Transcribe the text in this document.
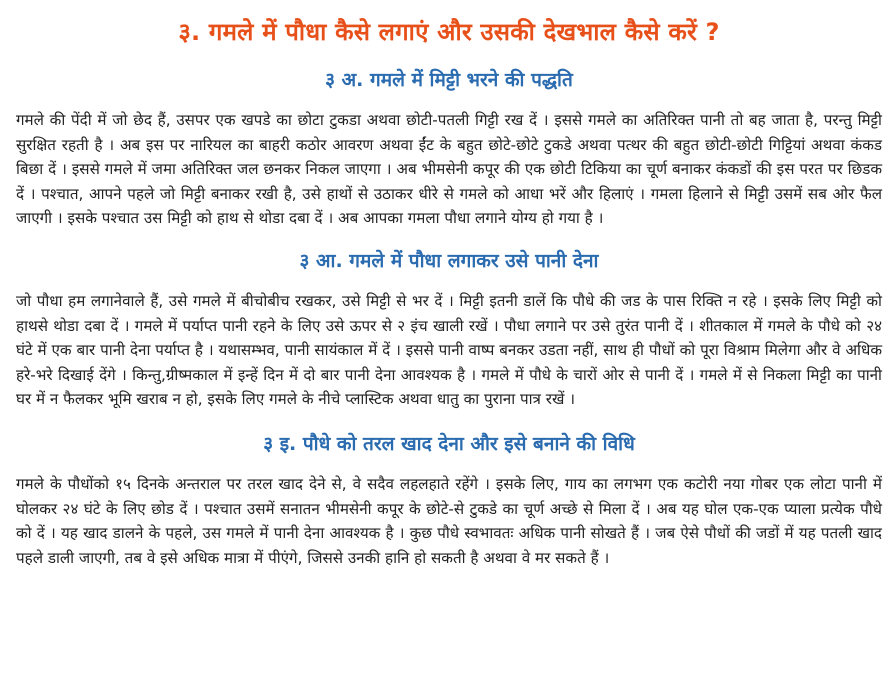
३. गमले में पौधा कैसे लगाएं और उसकी देखभाल कैसे करें ?
३ अ. गमले में मिट्टी भरने की पद्धति

गमले की पेंदी में जो छेद हैं, उसपर एक खपडे का छोटा टुकडा अथवा छोटी-पतली गिट्टी रख दें । इससे गमले का अतिरिक्त पानी तो बह जाता है, परन्तु मिट्टी सुरक्षित रहती है । अब इस पर नारियल का बाहरी कठोर आवरण अथवा ईंट के बहुत छोटे-छोटे टुकडे अथवा पत्थर की बहुत छोटी-छोटी गिट्टियां अथवा कंकड बिछा दें । इससे गमले में जमा अतिरिक्त जल छनकर निकल जाएगा । अब भीमसेनी कपूर की एक छोटी टिकिया का चूर्ण बनाकर कंकडों की इस परत पर छिडक दें । पश्चात, आपने पहले जो मिट्टी बनाकर रखी है, उसे हाथों से उठाकर धीरे से गमले को आधा भरें और हिलाएं । गमला हिलाने से मिट्टी उसमें सब ओर फैल जाएगी । इसके पश्चात उस मिट्टी को हाथ से थोडा दबा दें । अब आपका गमला पौधा लगाने योग्य हो गया है ।

३ आ. गमले में पौधा लगाकर उसे पानी देना

जो पौधा हम लगानेवाले हैं, उसे गमले में बीचोबीच रखकर, उसे मिट्टी से भर दें । मिट्टी इतनी डालें कि पौधे की जड के पास रिक्ति न रहे । इसके लिए मिट्टी को हाथसे थोडा दबा दें । गमले में पर्याप्त पानी रहने के लिए उसे ऊपर से २ इंच खाली रखें । पौधा लगाने पर उसे तुरंत पानी दें । शीतकाल में गमले के पौधे को २४ घंटे में एक बार पानी देना पर्याप्त है । यथासम्भव, पानी सायंकाल में दें । इससे पानी वाष्प बनकर उडता नहीं, साथ ही पौधों को पूरा विश्राम मिलेगा और वे अधिक हरे-भरे दिखाई देंगे । किन्तु,ग्रीष्मकाल में इन्हें दिन में दो बार पानी देना आवश्यक है । गमले में पौधे के चारों ओर से पानी दें । गमले में से निकला मिट्टी का पानी घर में न फैलकर भूमि खराब न हो, इसके लिए गमले के नीचे प्लास्टिक अथवा धातु का पुराना पात्र रखें ।

३ इ. पौधे को तरल खाद देना और इसे बनाने की विधि

गमले के पौधोंको १५ दिनके अन्तराल पर तरल खाद देने से, वे सदैव लहलहाते रहेंगे । इसके लिए, गाय का लगभग एक कटोरी नया गोबर एक लोटा पानी में घोलकर २४ घंटे के लिए छोड दें । पश्चात उसमें सनातन भीमसेनी कपूर के छोटे-से टुकडे का चूर्ण अच्छे से मिला दें । अब यह घोल एक-एक प्याला प्रत्येक पौधे को दें । यह खाद डालने के पहले, उस गमले में पानी देना आवश्यक है । कुछ पौधे स्वभावतः अधिक पानी सोखते हैं । जब ऐसे पौधों की जडों में यह पतली खाद पहले डाली जाएगी, तब वे इसे अधिक मात्रा में पीएंगे, जिससे उनकी हानि हो सकती है अथवा वे मर सकते हैं ।
